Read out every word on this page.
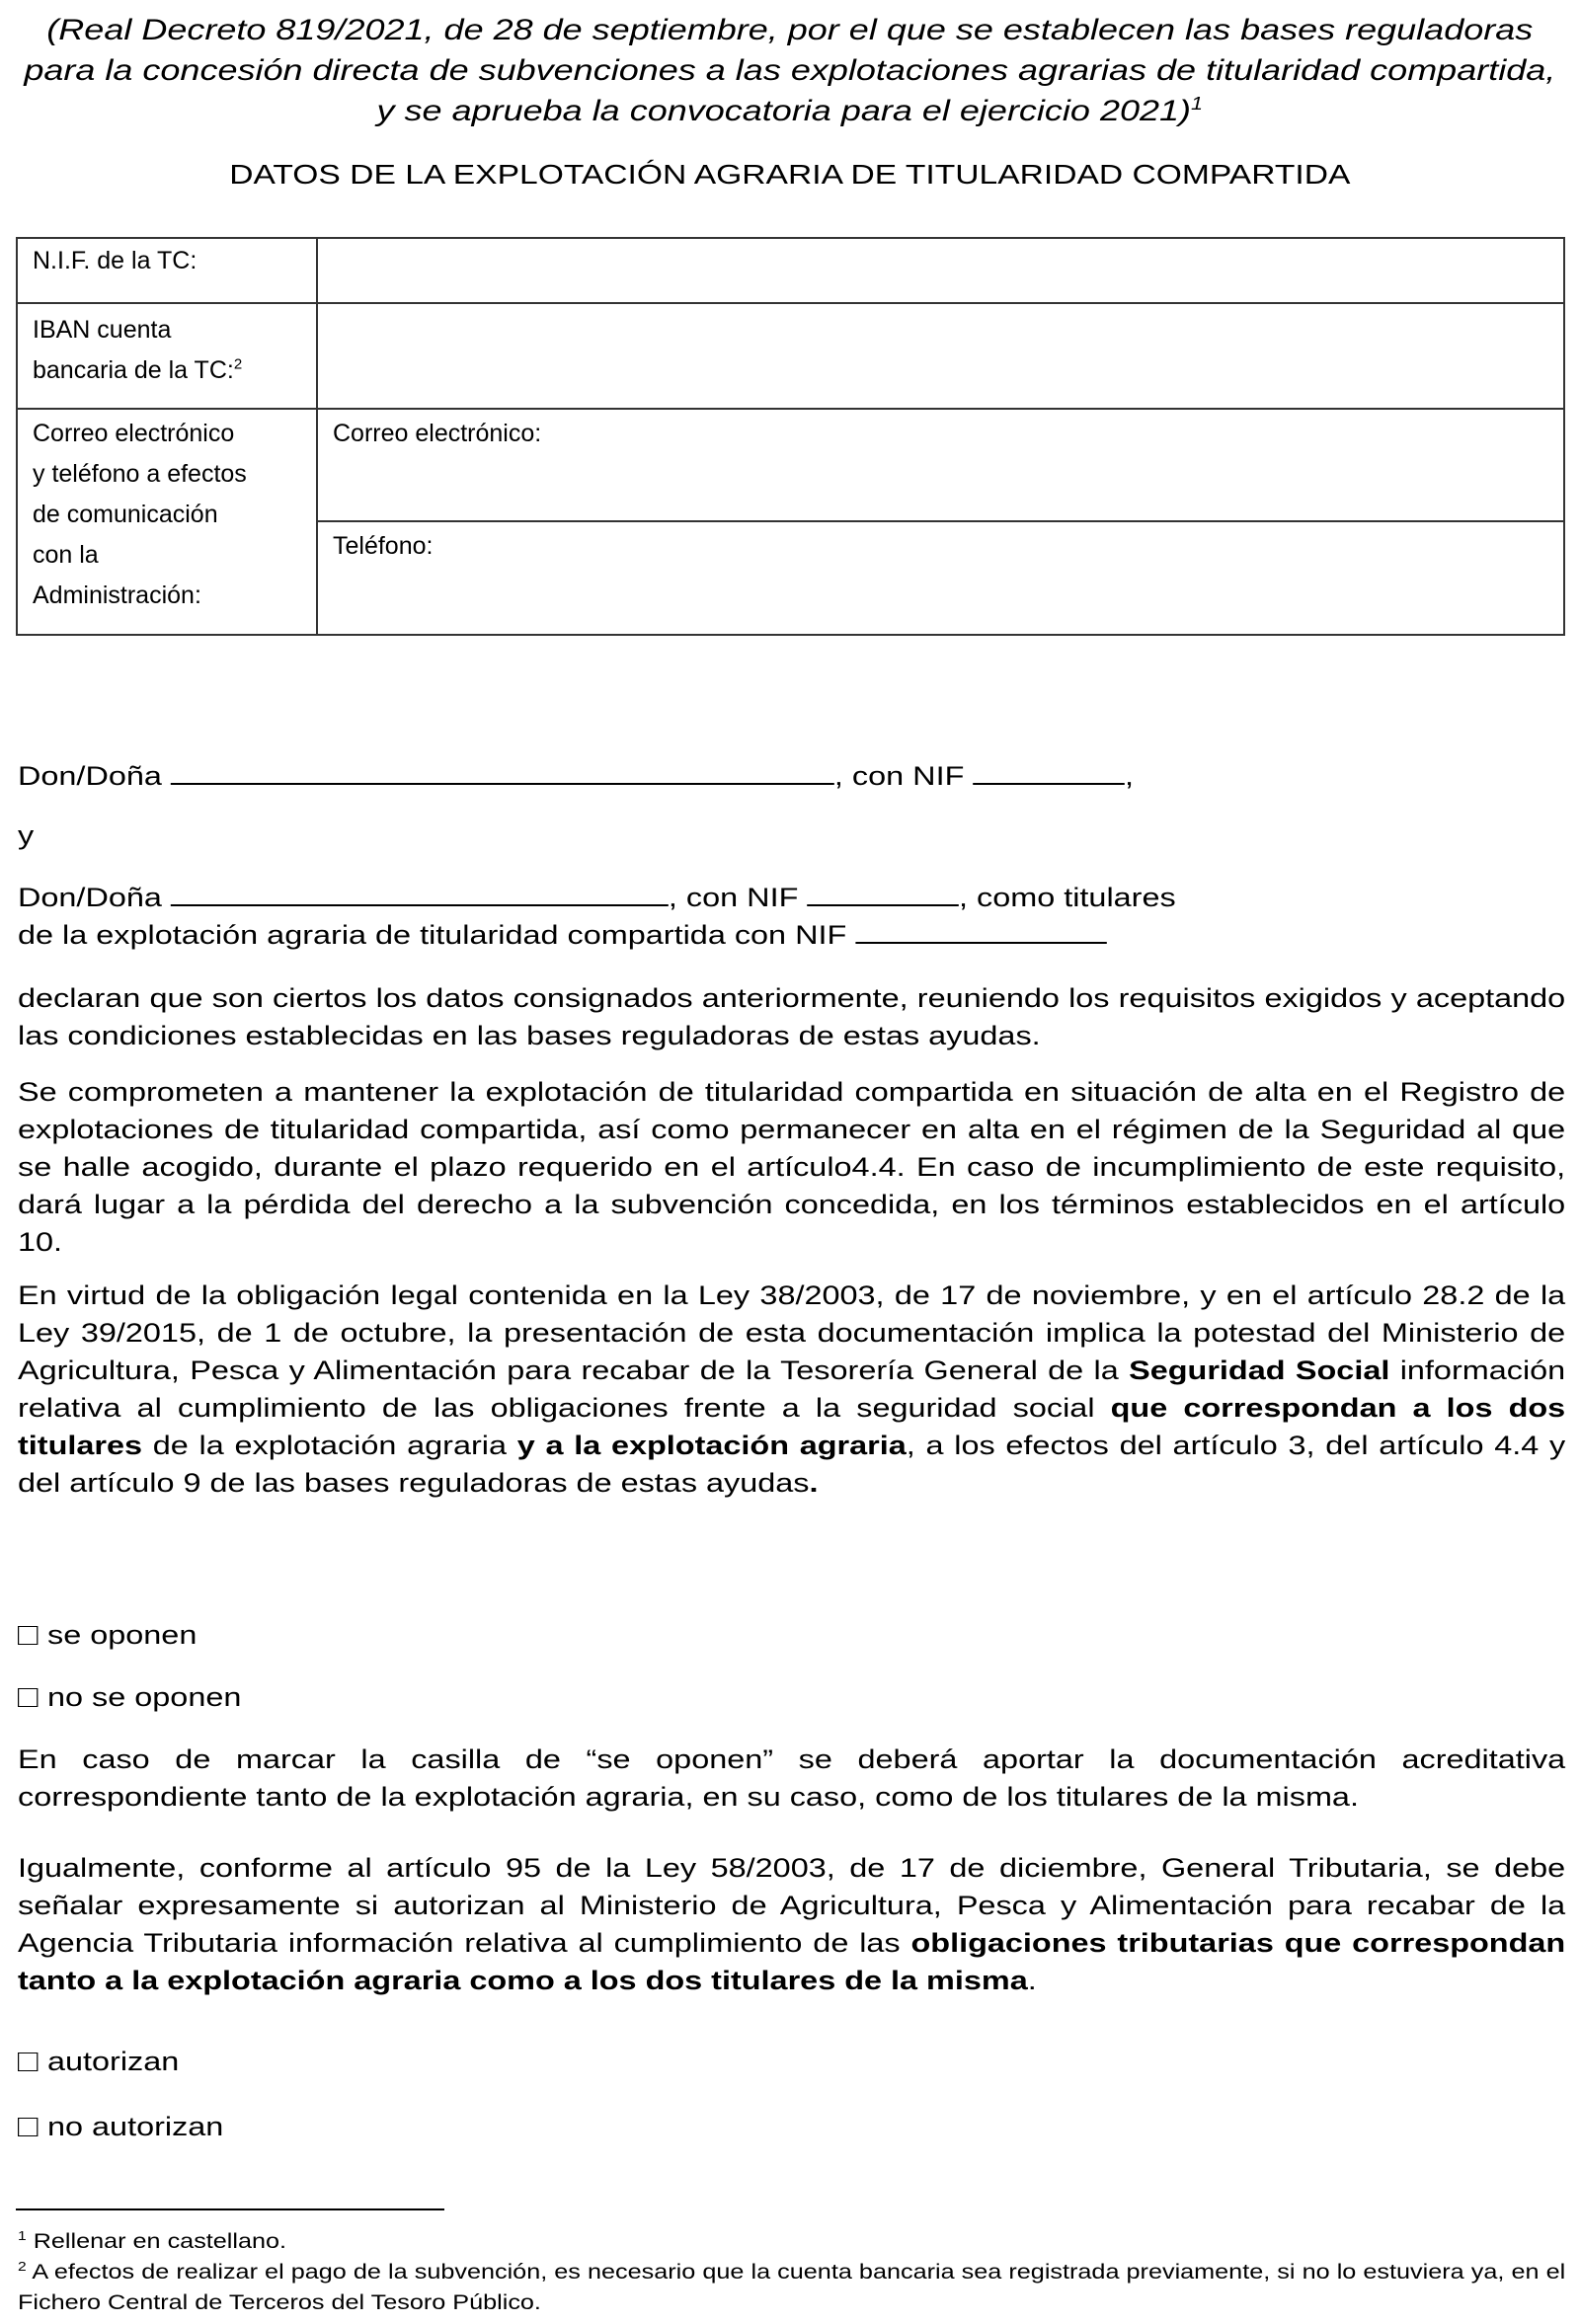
(Real Decreto 819/2021, de 28 de septiembre, por el que se establecen las bases reguladoras
para la concesión directa de subvenciones a las explotaciones agrarias de titularidad compartida,
y se aprueba la convocatoria para el ejercicio 2021)$^1$
DATOS DE LA EXPLOTACIÓN AGRARIA DE TITULARIDAD COMPARTIDA
N.I.F. de la TC:	

IBAN cuenta
bancaria de la TC:$^2$

Correo electrónico
y teléfono a efectos
de comunicación
con la
Administración:	Correo electrónico:

	Teléfono:
Don/Doña	, con NIF	,
y
Don/Doña	, con NIF	, como titulares
de la explotación agraria de titularidad compartida con NIF
declaran que son ciertos los datos consignados anteriormente, reuniendo los requisitos exigidos y aceptando las condiciones establecidas en las bases reguladoras de estas ayudas.
Se comprometen a mantener la explotación de titularidad compartida en situación de alta en el Registro de explotaciones de titularidad compartida, así como permanecer en alta en el régimen de la Seguridad al que se halle acogido, durante el plazo requerido en el artículo4.4. En caso de incumplimiento de este requisito, dará lugar a la pérdida del derecho a la subvención concedida, en los términos establecidos en el artículo 10.
En virtud de la obligación legal contenida en la Ley 38/2003, de 17 de noviembre, y en el artículo 28.2 de la Ley 39/2015, de 1 de octubre, la presentación de esta documentación implica la potestad del Ministerio de Agricultura, Pesca y Alimentación para recabar de la Tesorería General de la Seguridad Social información relativa al cumplimiento de las obligaciones frente a la seguridad social que correspondan a los dos titulares de la explotación agraria y a la explotación agraria, a los efectos del artículo 3, del artículo 4.4 y del artículo 9 de las bases reguladoras de estas ayudas.
se oponen
no se oponen
En caso de marcar la casilla de “se oponen” se deberá aportar la documentación acreditativa correspondiente tanto de la explotación agraria, en su caso, como de los titulares de la misma.
Igualmente, conforme al artículo 95 de la Ley 58/2003, de 17 de diciembre, General Tributaria, se debe señalar expresamente si autorizan al Ministerio de Agricultura, Pesca y Alimentación para recabar de la Agencia Tributaria información relativa al cumplimiento de las obligaciones tributarias que correspondan tanto a la explotación agraria como a los dos titulares de la misma.
autorizan
no autorizan
$^1$ Rellenar en castellano.
$^2$ A efectos de realizar el pago de la subvención, es necesario que la cuenta bancaria sea registrada previamente, si no lo estuviera ya, en el Fichero Central de Terceros del Tesoro Público.
